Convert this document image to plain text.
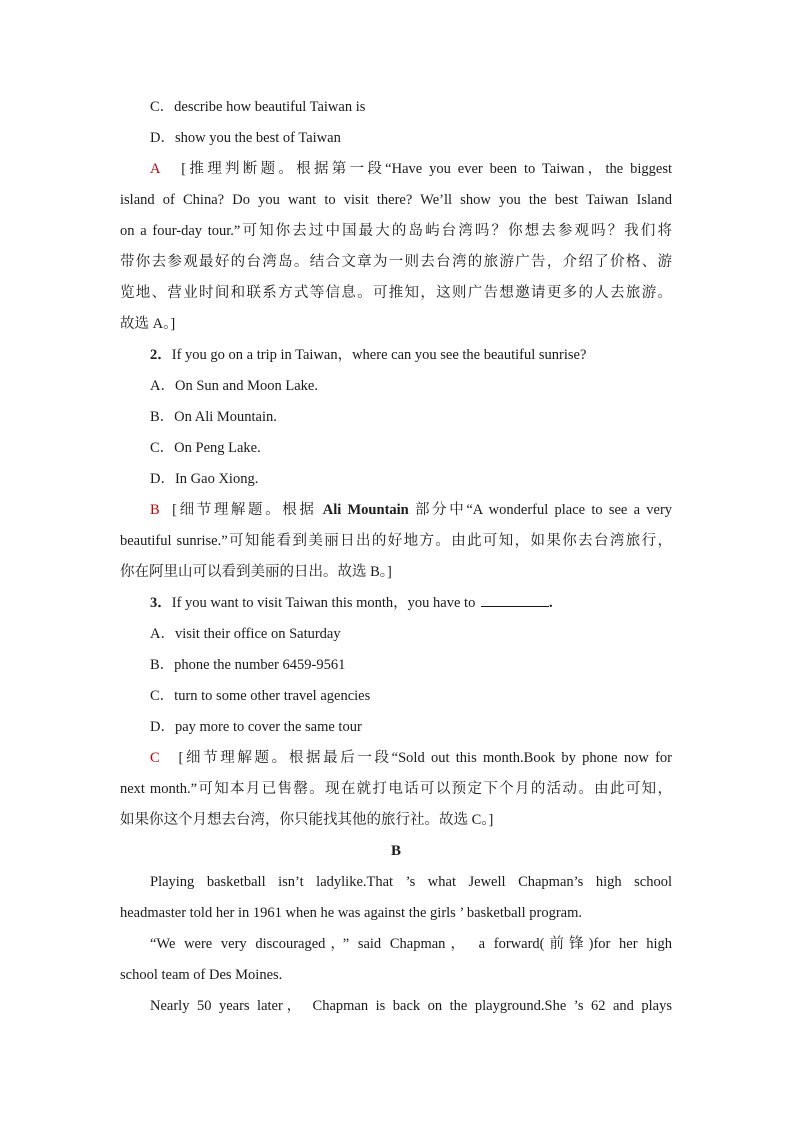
C．describe how beautiful Taiwan is
D．show you the best of Taiwan
A [推理判断题。根据第一段“Have you ever been to Taiwan，the biggest
island of China? Do you want to visit there? We’ll show you the best Taiwan Island
on a four-day tour.”可知你去过中国最大的岛屿台湾吗？你想去参观吗？我们将
带你去参观最好的台湾岛。结合文章为一则去台湾的旅游广告，介绍了价格、游
览地、营业时间和联系方式等信息。可推知，这则广告想邀请更多的人去旅游。
故选 A。]
2．If you go on a trip in Taiwan，where can you see the beautiful sunrise?
A．On Sun and Moon Lake.
B．On Ali Mountain.
C．On Peng Lake.
D．In Gao Xiong.
B [细节理解题。根据 Ali Mountain 部分中“A wonderful place to see a very
beautiful sunrise.”可知能看到美丽日出的好地方。由此可知，如果你去台湾旅行，
你在阿里山可以看到美丽的日出。故选 B。]
3．If you want to visit Taiwan this month，you have to	.
A．visit their office on Saturday
B．phone the number 6459-9561
C．turn to some other travel agencies
D．pay more to cover the same tour
C [细节理解题。根据最后一段“Sold out this month.Book by phone now for
next month.”可知本月已售罄。现在就打电话可以预定下个月的活动。由此可知，
如果你这个月想去台湾，你只能找其他的旅行社。故选 C。]
B
Playing basketball isn’t ladylike.That ’s what Jewell Chapman’s high school
headmaster told her in 1961 when he was against the girls ’ basketball program.
“We were very discouraged，” said Chapman， a forward(前锋)for her high
school team of Des Moines.
Nearly 50 years later， Chapman is back on the playground.She ’s 62 and plays
